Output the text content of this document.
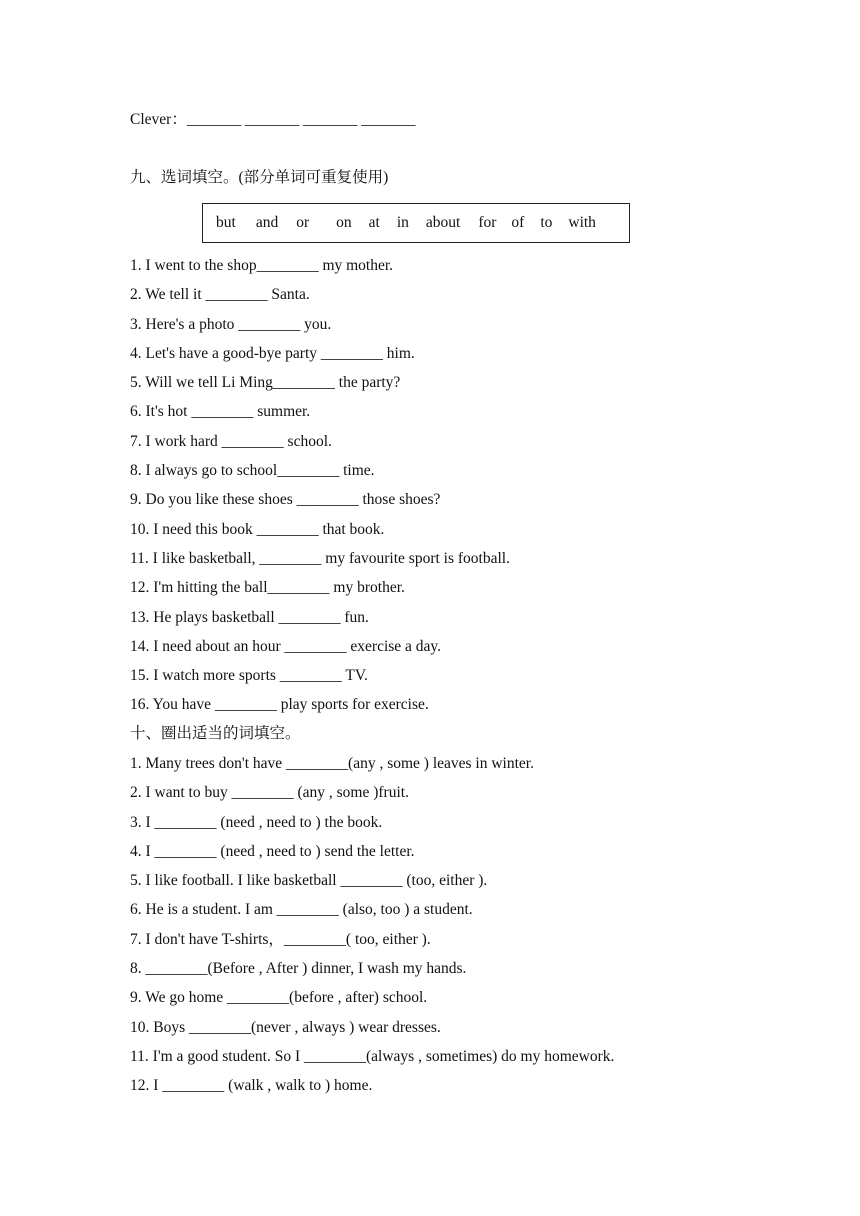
Clever：_______ _______ _______ _______
九、选词填空。(部分单词可重复使用)
but and or on at in about for of to with
1. I went to the shop________ my mother.
2. We tell it ________ Santa.
3. Here's a photo ________ you.
4. Let's have a good-bye party ________ him.
5. Will we tell Li Ming________ the party?
6. It's hot ________ summer.
7. I work hard ________ school.
8. I always go to school________ time.
9. Do you like these shoes ________ those shoes?
10. I need this book ________ that book.
11. I like basketball, ________ my favourite sport is football.
12. I'm hitting the ball________ my brother.
13. He plays basketball ________ fun.
14. I need about an hour ________ exercise a day.
15. I watch more sports ________ TV.
16. You have ________ play sports for exercise.
十、圈出适当的词填空。
1. Many trees don't have ________(any , some ) leaves in winter.
2. I want to buy ________ (any , some )fruit.
3. I ________ (need , need to ) the book.
4. I ________ (need , need to ) send the letter.
5. I like football. I like basketball ________ (too, either ).
6. He is a student. I am ________ (also, too ) a student.
7. I don't have T-shirts，________( too, either ).
8. ________(Before , After ) dinner, I wash my hands.
9. We go home ________(before , after) school.
10. Boys ________(never , always ) wear dresses.
11. I'm a good student. So I ________(always , sometimes) do my homework.
12. I ________ (walk , walk to ) home.
